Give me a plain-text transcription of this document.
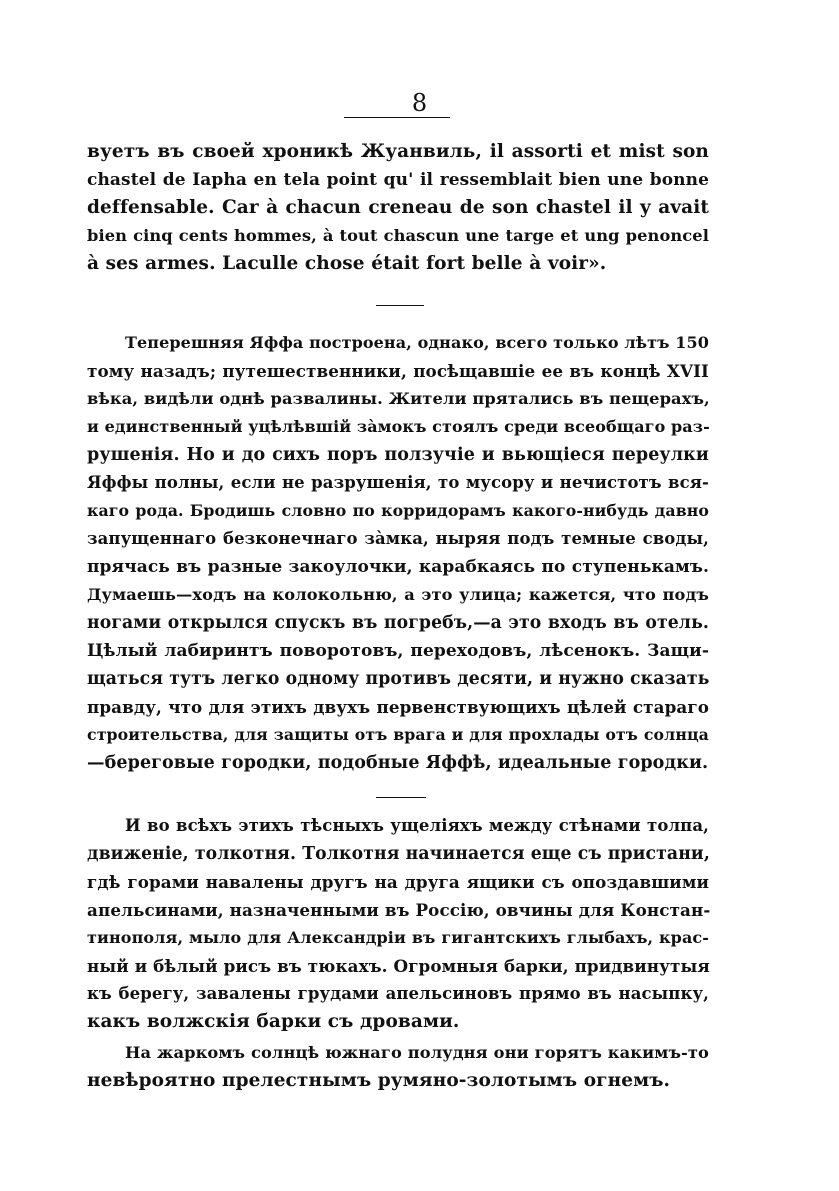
8
вуетъ въ своей хроникѣ Жуанвиль, il assorti et mist son
chastel de Iapha en tela point qu' il ressemblait bien une bonne
deffensable. Car à chacun creneau de son chastel il y avait
bien cinq cents hommes, à tout chascun une targe et ung penoncel
à ses armes. Laculle chose était fort belle à voir».
Теперешняя Яффа построена, однако, всего только лѣтъ 150
тому назадъ; путешественники, посѣщавшіе ее въ концѣ XVII
вѣка, видѣли однѣ развалины. Жители прятались въ пещерахъ,
и единственный уцѣлѣвшій зàмокъ стоялъ среди всеобщаго раз-
рушенія. Но и до сихъ поръ ползучіе и вьющіеся переулки
Яффы полны, если не разрушенія, то мусору и нечистотъ вся-
каго рода. Бродишь словно по корридорамъ какого-нибудь давно
запущеннаго безконечнаго зàмка, ныряя подъ темные своды,
прячась въ разные закоулочки, карабкаясь по ступенькамъ.
Думаешь—ходъ на колокольню, а это улица; кажется, что подъ
ногами открылся спускъ въ погребъ,—а это входъ въ отель.
Цѣлый лабиринтъ поворотовъ, переходовъ, лѣсенокъ. Защи-
щаться тутъ легко одному противъ десяти, и нужно сказать
правду, что для этихъ двухъ первенствующихъ цѣлей стараго
строительства, для защиты отъ врага и для прохлады отъ солнца
—береговые городки, подобные Яффѣ, идеальные городки.
И во всѣхъ этихъ тѣсныхъ ущеліяхъ между стѣнами толпа,
движеніе, толкотня. Толкотня начинается еще съ пристани,
гдѣ горами навалены другъ на друга ящики съ опоздавшими
апельсинами, назначенными въ Россію, овчины для Констан-
тинополя, мыло для Александріи въ гигантскихъ глыбахъ, крас-
ный и бѣлый рисъ въ тюкахъ. Огромныя барки, придвинутыя
къ берегу, завалены грудами апельсиновъ прямо въ насыпку,
какъ волжскія барки съ дровами.
На жаркомъ солнцѣ южнаго полудня они горятъ какимъ-то
невѣроятно прелестнымъ румяно-золотымъ огнемъ.
